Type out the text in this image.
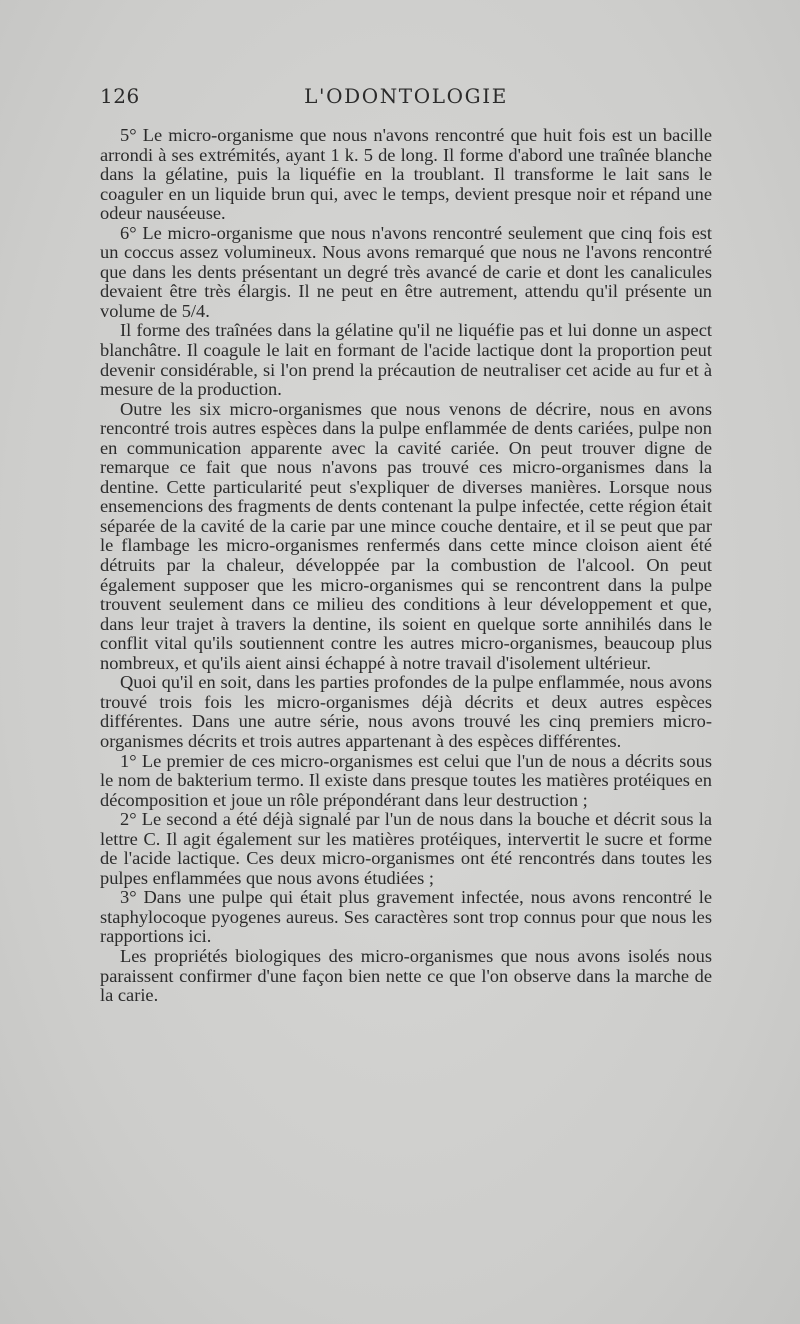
126	L'ODONTOLOGIE

5° Le micro-organisme que nous n'avons rencontré que huit fois est un bacille arrondi à ses extrémités, ayant 1 k. 5 de long. Il forme d'abord une traînée blanche dans la gélatine, puis la liquéfie en la troublant. Il transforme le lait sans le coaguler en un liquide brun qui, avec le temps, devient presque noir et répand une odeur nauséeuse.

6° Le micro-organisme que nous n'avons rencontré seulement que cinq fois est un coccus assez volumineux. Nous avons remarqué que nous ne l'avons rencontré que dans les dents présentant un degré très avancé de carie et dont les canalicules devaient être très élargis. Il ne peut en être autrement, attendu qu'il présente un volume de 5/4.

Il forme des traînées dans la gélatine qu'il ne liquéfie pas et lui donne un aspect blanchâtre. Il coagule le lait en formant de l'acide lactique dont la proportion peut devenir considérable, si l'on prend la précaution de neutraliser cet acide au fur et à mesure de la production.

Outre les six micro-organismes que nous venons de décrire, nous en avons rencontré trois autres espèces dans la pulpe enflammée de dents cariées, pulpe non en communication apparente avec la cavité cariée. On peut trouver digne de remarque ce fait que nous n'avons pas trouvé ces micro-organismes dans la dentine. Cette particularité peut s'expliquer de diverses manières. Lorsque nous ensemencions des fragments de dents contenant la pulpe infectée, cette région était séparée de la cavité de la carie par une mince couche dentaire, et il se peut que par le flambage les micro-organismes renfermés dans cette mince cloison aient été détruits par la chaleur, développée par la combustion de l'alcool. On peut également supposer que les micro-organismes qui se rencontrent dans la pulpe trouvent seulement dans ce milieu des conditions à leur développement et que, dans leur trajet à travers la dentine, ils soient en quelque sorte annihilés dans le conflit vital qu'ils soutiennent contre les autres micro-organismes, beaucoup plus nombreux, et qu'ils aient ainsi échappé à notre travail d'isolement ultérieur.

Quoi qu'il en soit, dans les parties profondes de la pulpe enflammée, nous avons trouvé trois fois les micro-organismes déjà décrits et deux autres espèces différentes. Dans une autre série, nous avons trouvé les cinq premiers micro-organismes décrits et trois autres appartenant à des espèces différentes.

1° Le premier de ces micro-organismes est celui que l'un de nous a décrits sous le nom de bakterium termo. Il existe dans presque toutes les matières protéiques en décomposition et joue un rôle prépondérant dans leur destruction ;

2° Le second a été déjà signalé par l'un de nous dans la bouche et décrit sous la lettre C. Il agit également sur les matières protéiques, intervertit le sucre et forme de l'acide lactique. Ces deux micro-organismes ont été rencontrés dans toutes les pulpes enflammées que nous avons étudiées ;

3° Dans une pulpe qui était plus gravement infectée, nous avons rencontré le staphylocoque pyogenes aureus. Ses caractères sont trop connus pour que nous les rapportions ici.

Les propriétés biologiques des micro-organismes que nous avons isolés nous paraissent confirmer d'une façon bien nette ce que l'on observe dans la marche de la carie.
